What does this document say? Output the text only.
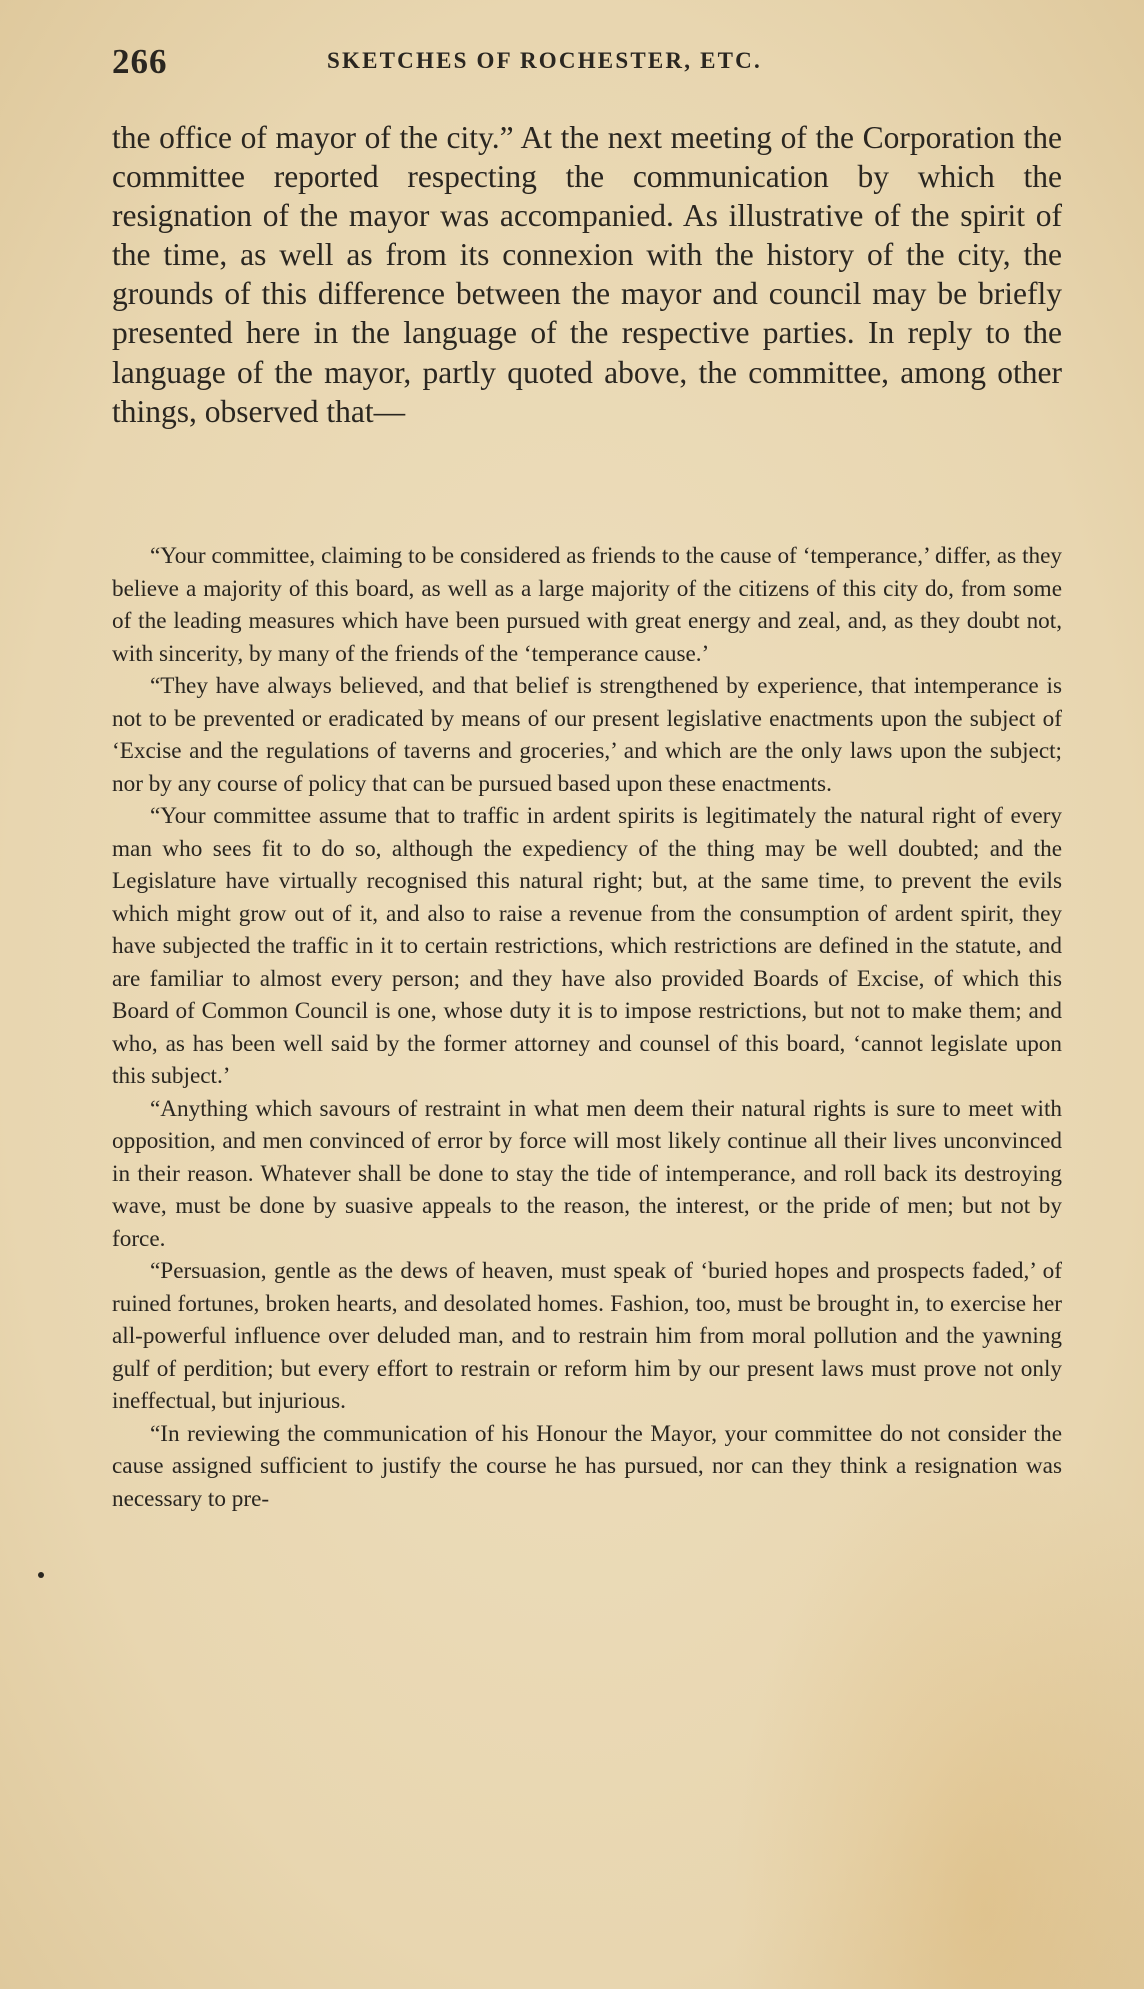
266	SKETCHES OF ROCHESTER, ETC.

the office of mayor of the city.” At the next meeting of the Corporation the committee reported respecting the communication by which the resignation of the mayor was accompanied. As illustrative of the spirit of the time, as well as from its connexion with the history of the city, the grounds of this difference between the mayor and council may be briefly presented here in the language of the respective parties. In reply to the language of the mayor, partly quoted above, the committee, among other things, observed that—

“Your committee, claiming to be considered as friends to the cause of ‘temperance,’ differ, as they believe a majority of this board, as well as a large majority of the citizens of this city do, from some of the leading measures which have been pursued with great energy and zeal, and, as they doubt not, with sincerity, by many of the friends of the ‘temperance cause.’

“They have always believed, and that belief is strengthened by experience, that intemperance is not to be prevented or eradicated by means of our present legislative enactments upon the subject of ‘Excise and the regulations of taverns and groceries,’ and which are the only laws upon the subject; nor by any course of policy that can be pursued based upon these enactments.

“Your committee assume that to traffic in ardent spirits is legitimately the natural right of every man who sees fit to do so, although the expediency of the thing may be well doubted; and the Legislature have virtually recognised this natural right; but, at the same time, to prevent the evils which might grow out of it, and also to raise a revenue from the consumption of ardent spirit, they have subjected the traffic in it to certain restrictions, which restrictions are defined in the statute, and are familiar to almost every person; and they have also provided Boards of Excise, of which this Board of Common Council is one, whose duty it is to impose restrictions, but not to make them; and who, as has been well said by the former attorney and counsel of this board, ‘cannot legislate upon this subject.’

“Anything which savours of restraint in what men deem their natural rights is sure to meet with opposition, and men convinced of error by force will most likely continue all their lives unconvinced in their reason. Whatever shall be done to stay the tide of intemperance, and roll back its destroying wave, must be done by suasive appeals to the reason, the interest, or the pride of men; but not by force.

“Persuasion, gentle as the dews of heaven, must speak of ‘buried hopes and prospects faded,’ of ruined fortunes, broken hearts, and desolated homes. Fashion, too, must be brought in, to exercise her all-powerful influence over deluded man, and to restrain him from moral pollution and the yawning gulf of perdition; but every effort to restrain or reform him by our present laws must prove not only ineffectual, but injurious.

“In reviewing the communication of his Honour the Mayor, your committee do not consider the cause assigned sufficient to justify the course he has pursued, nor can they think a resignation was necessary to pre-
